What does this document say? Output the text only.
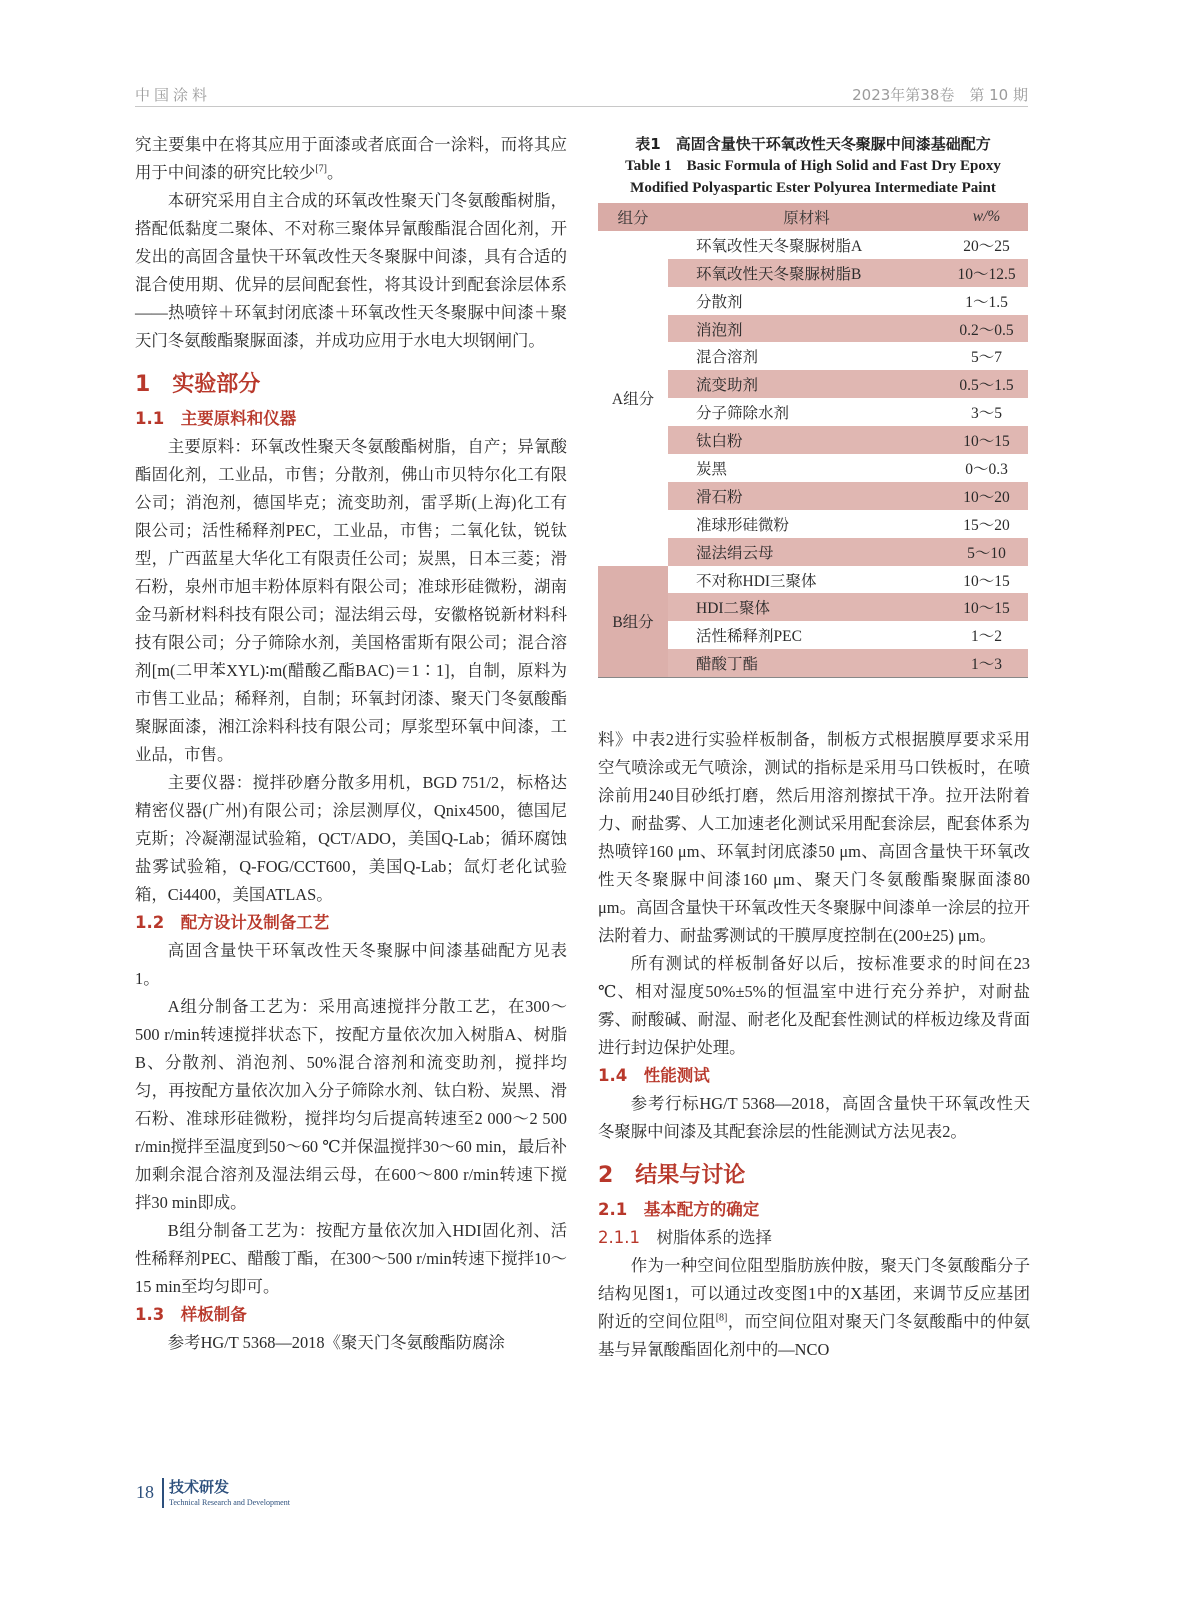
中国涂料	2023年第38卷　第 10 期

究主要集中在将其应用于面漆或者底面合一涂料，而将其应用于中间漆的研究比较少[7]。

本研究采用自主合成的环氧改性聚天门冬氨酸酯树脂，搭配低黏度二聚体、不对称三聚体异氰酸酯混合固化剂，开发出的高固含量快干环氧改性天冬聚脲中间漆，具有合适的混合使用期、优异的层间配套性，将其设计到配套涂层体系——热喷锌＋环氧封闭底漆＋环氧改性天冬聚脲中间漆＋聚天门冬氨酸酯聚脲面漆，并成功应用于水电大坝钢闸门。

1　实验部分
1.1　主要原料和仪器

主要原料：环氧改性聚天冬氨酸酯树脂，自产；异氰酸酯固化剂，工业品，市售；分散剂，佛山市贝特尔化工有限公司；消泡剂，德国毕克；流变助剂，雷孚斯(上海)化工有限公司；活性稀释剂PEC，工业品，市售；二氧化钛，锐钛型，广西蓝星大华化工有限责任公司；炭黑，日本三菱；滑石粉，泉州市旭丰粉体原料有限公司；准球形硅微粉，湖南金马新材料科技有限公司；湿法绢云母，安徽格锐新材料科技有限公司；分子筛除水剂，美国格雷斯有限公司；混合溶剂[m(二甲苯XYL)∶m(醋酸乙酯BAC)＝1∶1]，自制，原料为市售工业品；稀释剂，自制；环氧封闭漆、聚天门冬氨酸酯聚脲面漆，湘江涂料科技有限公司；厚浆型环氧中间漆，工业品，市售。

主要仪器：搅拌砂磨分散多用机，BGD 751/2，标格达精密仪器(广州)有限公司；涂层测厚仪，Qnix4500，德国尼克斯；冷凝潮湿试验箱，QCT/ADO，美国Q-Lab；循环腐蚀盐雾试验箱，Q-FOG/CCT600，美国Q-Lab；氙灯老化试验箱，Ci4400，美国ATLAS。

1.2　配方设计及制备工艺

高固含量快干环氧改性天冬聚脲中间漆基础配方见表1。

A组分制备工艺为：采用高速搅拌分散工艺，在300～500 r/min转速搅拌状态下，按配方量依次加入树脂A、树脂B、分散剂、消泡剂、50%混合溶剂和流变助剂，搅拌均匀，再按配方量依次加入分子筛除水剂、钛白粉、炭黑、滑石粉、准球形硅微粉，搅拌均匀后提高转速至2 000～2 500 r/min搅拌至温度到50～60 ℃并保温搅拌30～60 min，最后补加剩余混合溶剂及湿法绢云母，在600～800 r/min转速下搅拌30 min即成。

B组分制备工艺为：按配方量依次加入HDI固化剂、活性稀释剂PEC、醋酸丁酯，在300～500 r/min转速下搅拌10～15 min至均匀即可。

1.3　样板制备

参考HG/T 5368—2018《聚天门冬氨酸酯防腐涂

表1　高固含量快干环氧改性天冬聚脲中间漆基础配方
Table 1　Basic Formula of High Solid and Fast Dry Epoxy Modified Polyaspartic Ester Polyurea Intermediate Paint
组分	原材料	w/%
A组分	环氧改性天冬聚脲树脂A	20～25
	环氧改性天冬聚脲树脂B	10～12.5
	分散剂	1～1.5
	消泡剂	0.2～0.5
	混合溶剂	5～7
	流变助剂	0.5～1.5
	分子筛除水剂	3～5
	钛白粉	10～15
	炭黑	0～0.3
	滑石粉	10～20
	准球形硅微粉	15～20
	湿法绢云母	5～10
B组分	不对称HDI三聚体	10～15
	HDI二聚体	10～15
	活性稀释剂PEC	1～2
	醋酸丁酯	1～3

料》中表2进行实验样板制备，制板方式根据膜厚要求采用空气喷涂或无气喷涂，测试的指标是采用马口铁板时，在喷涂前用240目砂纸打磨，然后用溶剂擦拭干净。拉开法附着力、耐盐雾、人工加速老化测试采用配套涂层，配套体系为热喷锌160 μm、环氧封闭底漆50 μm、高固含量快干环氧改性天冬聚脲中间漆160 μm、聚天门冬氨酸酯聚脲面漆80 μm。高固含量快干环氧改性天冬聚脲中间漆单一涂层的拉开法附着力、耐盐雾测试的干膜厚度控制在(200±25) μm。

所有测试的样板制备好以后，按标准要求的时间在23 ℃、相对湿度50%±5%的恒温室中进行充分养护，对耐盐雾、耐酸碱、耐湿、耐老化及配套性测试的样板边缘及背面进行封边保护处理。

1.4　性能测试

参考行标HG/T 5368—2018，高固含量快干环氧改性天冬聚脲中间漆及其配套涂层的性能测试方法见表2。

2　结果与讨论
2.1　基本配方的确定
2.1.1　 树脂体系的选择

作为一种空间位阻型脂肪族仲胺，聚天门冬氨酸酯分子结构见图1，可以通过改变图1中的X基团，来调节反应基团附近的空间位阻[8]，而空间位阻对聚天门冬氨酸酯中的仲氨基与异氰酸酯固化剂中的—NCO

18 技术研发
Technical Research and Development
